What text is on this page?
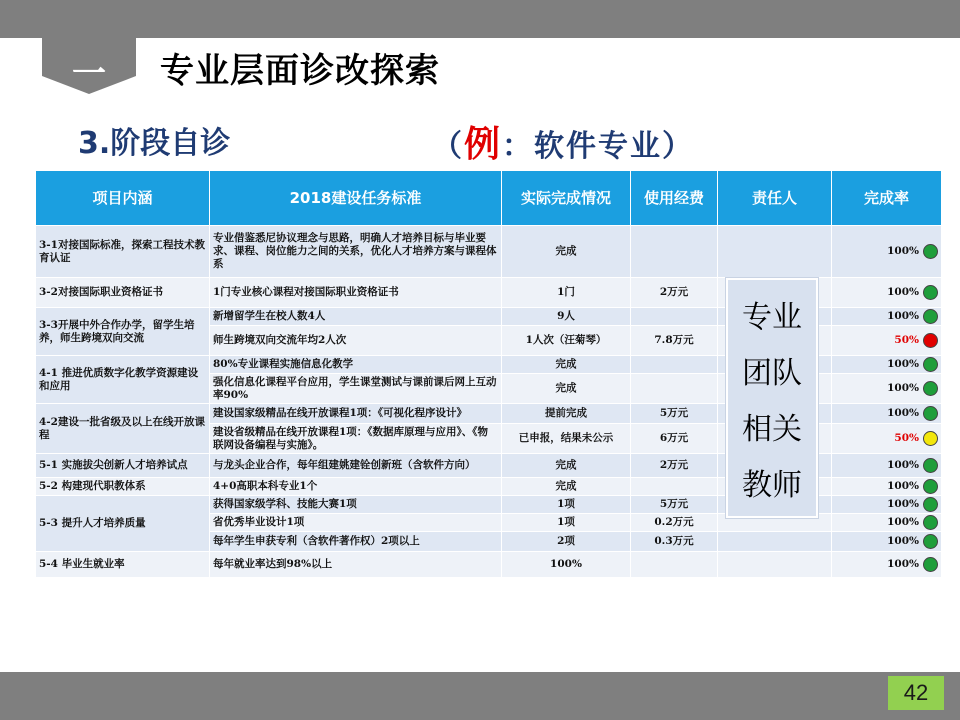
一	专业层面诊改探索
3.阶段自诊	（例：软件专业）
项目内涵	2018建设任务标准	实际完成情况	使用经费	责任人	完成率
3-1对接国际标准，探索工程技术教育认证	专业借鉴悉尼协议理念与思路，明确人才培养目标与毕业要求、课程、岗位能力之间的关系，优化人才培养方案与课程体系	完成			100%

3-2对接国际职业资格证书	1门专业核心课程对接国际职业资格证书	1门	2万元		100%

3-3开展中外合作办学，留学生培养，师生跨境双向交流	新增留学生在校人数4人	9人			100%

	师生跨境双向交流年均2人次	1人次（汪菊琴）	7.8万元		50%

4-1 推进优质数字化教学资源建设和应用	80%专业课程实施信息化教学	完成			100%

	强化信息化课程平台应用，学生课堂测试与课前课后网上互动率90%	完成			100%

4-2建设一批省级及以上在线开放课程	建设国家级精品在线开放课程1项：《可视化程序设计》	提前完成	5万元		100%

	建设省级精品在线开放课程1项：《数据库原理与应用》、《物联网设备编程与实施》。	已申报，结果未公示	6万元		50%

5-1 实施拔尖创新人才培养试点	与龙头企业合作，每年组建姚建铨创新班（含软件方向）	完成	2万元		100%

5-2 构建现代职教体系	4+0高职本科专业1个	完成			100%

5-3 提升人才培养质量	获得国家级学科、技能大赛1项	1项	5万元		100%

	省优秀毕业设计1项	1项	0.2万元		100%

	每年学生申获专利（含软件著作权）2项以上	2项	0.3万元		100%

5-4 毕业生就业率	每年就业率达到98%以上	100%			100%
专业
团队
相关
教师
42
